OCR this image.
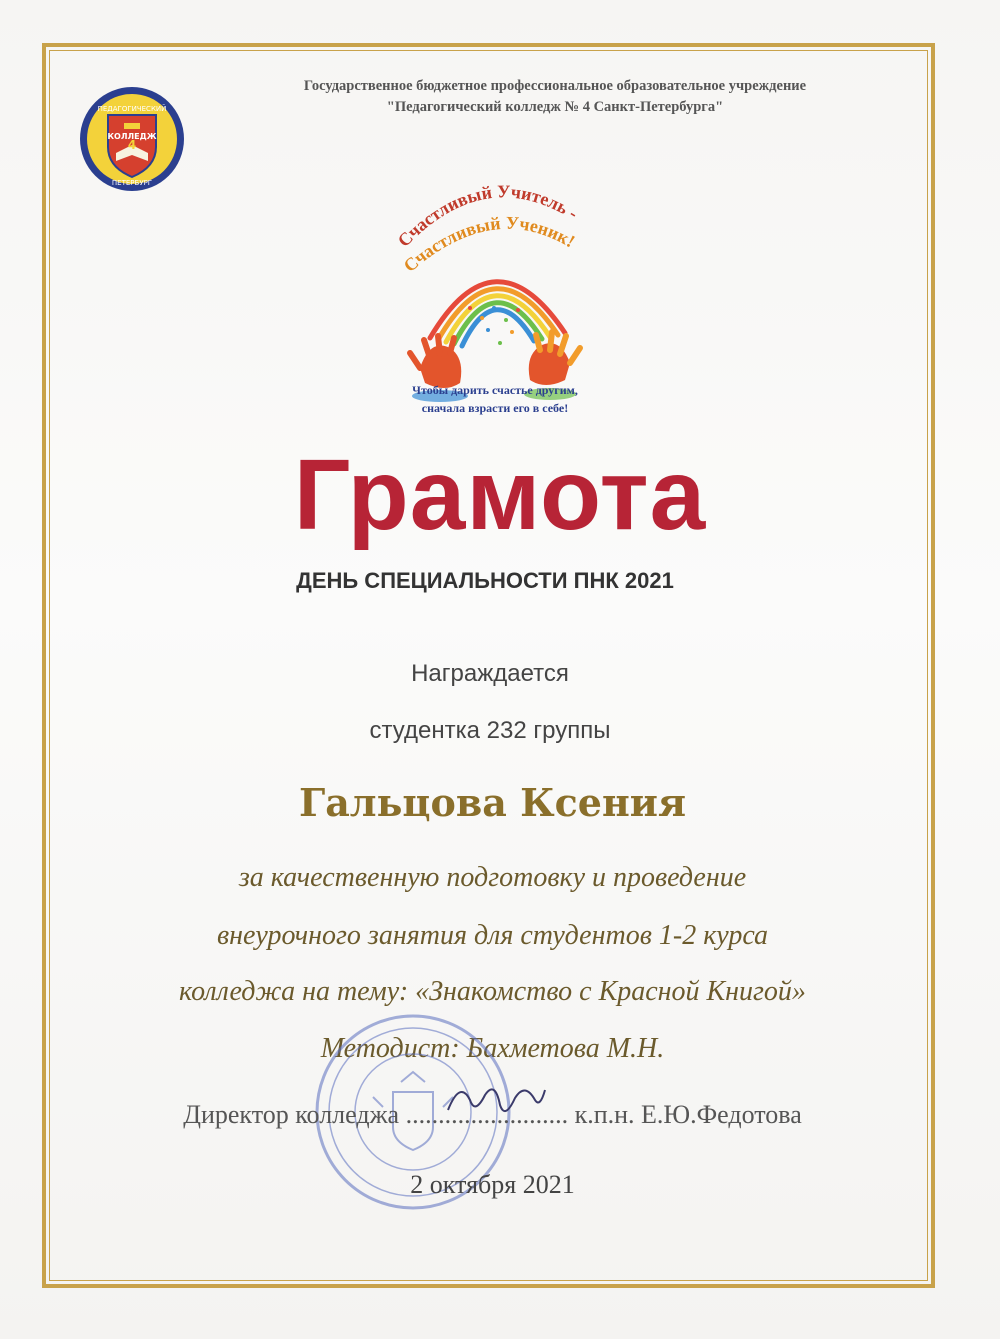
ПЕДАГОГИЧЕСКИЙ
КОЛЛЕДЖ
4
ПЕТЕРБУРГ
Государственное бюджетное профессиональное образовательное учреждение
"Педагогический колледж № 4 Санкт-Петербурга"
Счастливый Учитель -
Счастливый Ученик!
Чтобы дарить счастье другим,
сначала взрасти его в себе!
Грамота
ДЕНЬ СПЕЦИАЛЬНОСТИ ПНК 2021
Награждается
студентка 232 группы
Гальцова Ксения
за качественную подготовку и проведение
внеурочного занятия для студентов 1-2 курса
колледжа на тему: «Знакомство с Красной Книгой»
Методист: Бахметова М.Н.
Директор колледжа ......................... к.п.н. Е.Ю.Федотова
2 октября 2021
